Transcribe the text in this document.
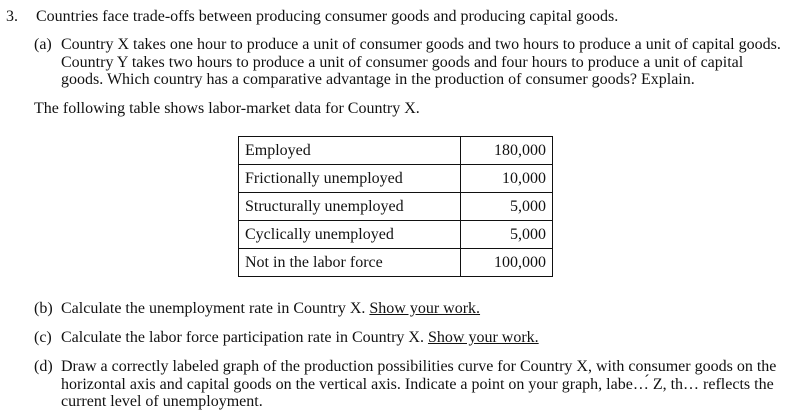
3. Countries face trade-offs between producing consumer goods and producing capital goods.
(a) Country X takes one hour to produce a unit of consumer goods and two hours to produce a unit of capital goods. Country Y takes two hours to produce a unit of consumer goods and four hours to produce a unit of capital goods. Which country has a comparative advantage in the production of consumer goods? Explain.
The following table shows labor-market data for Country X.
Employed	180,000
Frictionally unemployed	10,000
Structurally unemployed	5,000
Cyclically unemployed	5,000
Not in the labor force	100,000
(b) Calculate the unemployment rate in Country X. Show your work.
(c) Calculate the labor force participation rate in Country X. Show your work.
(d) Draw a correctly labeled graph of the production possibilities curve for Country X, with consumer goods on the horizontal axis and capital goods on the vertical axis. Indicate a point on your graph, labe…́ Z, th… reflects the current level of unemployment.
